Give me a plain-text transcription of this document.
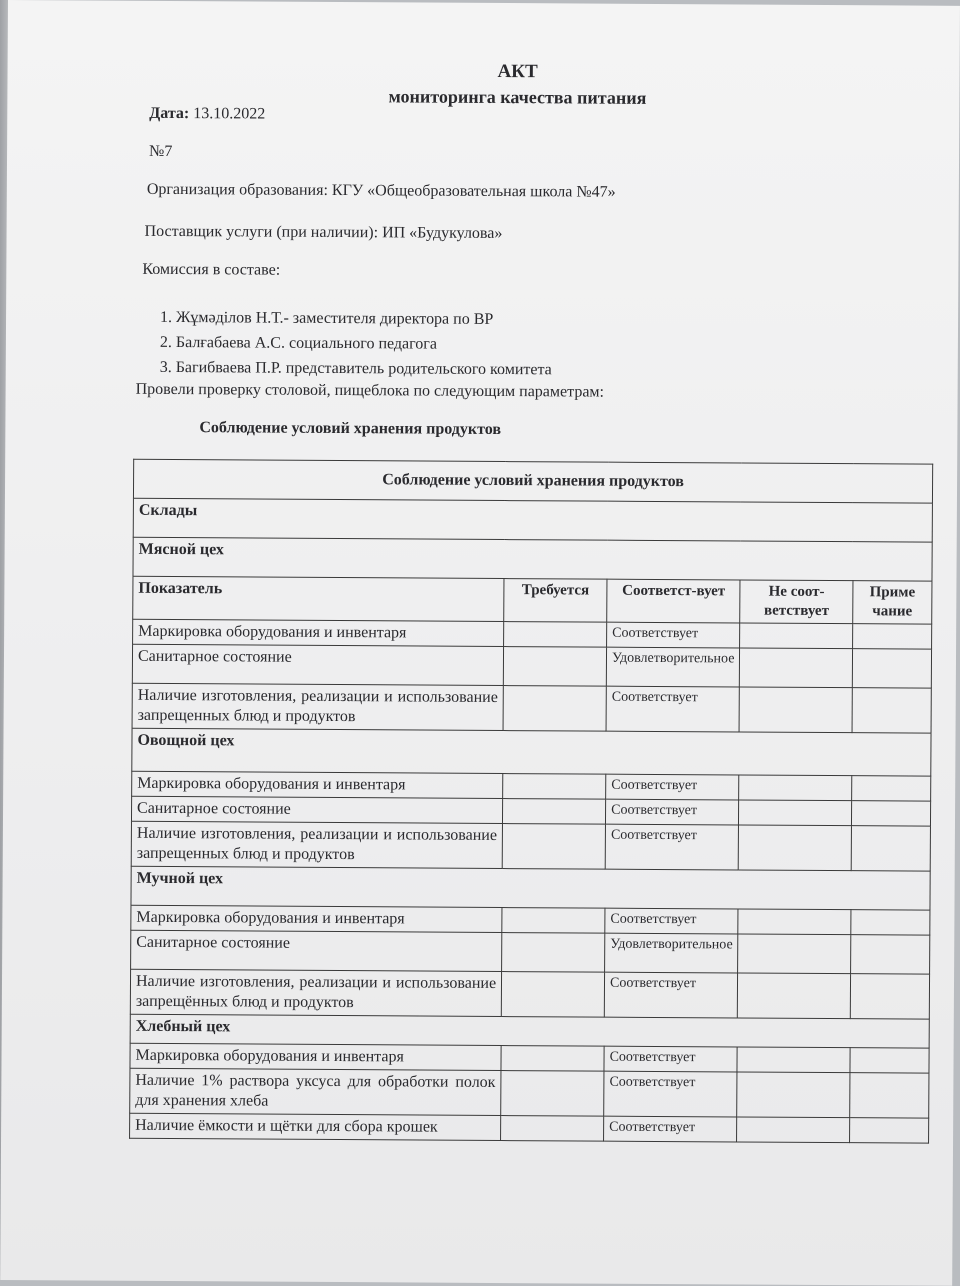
АКТ
мониторинга качества питания
Дата: 13.10.2022
№7
Организация образования: КГУ «Общеобразовательная школа №47»
Поставщик услуги (при наличии): ИП «Будукулова»
Комиссия в составе:
1. Жұмәділов Н.Т.- заместителя директора по ВР
2. Балғабаева А.С. социального педагога
3. Багибваева П.Р. представитель родительского комитета
Провели проверку столовой, пищеблока по следующим параметрам:
Соблюдение условий хранения продуктов
Соблюдение условий хранения продуктов				
Склады				
Мясной цех				
Показатель	Требуется	Соответст-вует	Не соот-ветствует	Приме чание
Маркировка оборудования и инвентаря		Соответствует		
Санитарное состояние		Удовлетворительное		
Наличие изготовления, реализации и использование запрещенных блюд и продуктов		Соответствует		
Овощной цех				
Маркировка оборудования и инвентаря		Соответствует		
Санитарное состояние		Соответствует		
Наличие изготовления, реализации и использование запрещенных блюд и продуктов		Соответствует		
Мучной цех				
Маркировка оборудования и инвентаря		Соответствует		
Санитарное состояние		Удовлетворительное		
Наличие изготовления, реализации и использование запрещённых блюд и продуктов		Соответствует		
Хлебный цех				
Маркировка оборудования и инвентаря		Соответствует		
Наличие 1% раствора уксуса для обработки полок для хранения хлеба		Соответствует		
Наличие ёмкости и щётки для сбора крошек		Соответствует		
